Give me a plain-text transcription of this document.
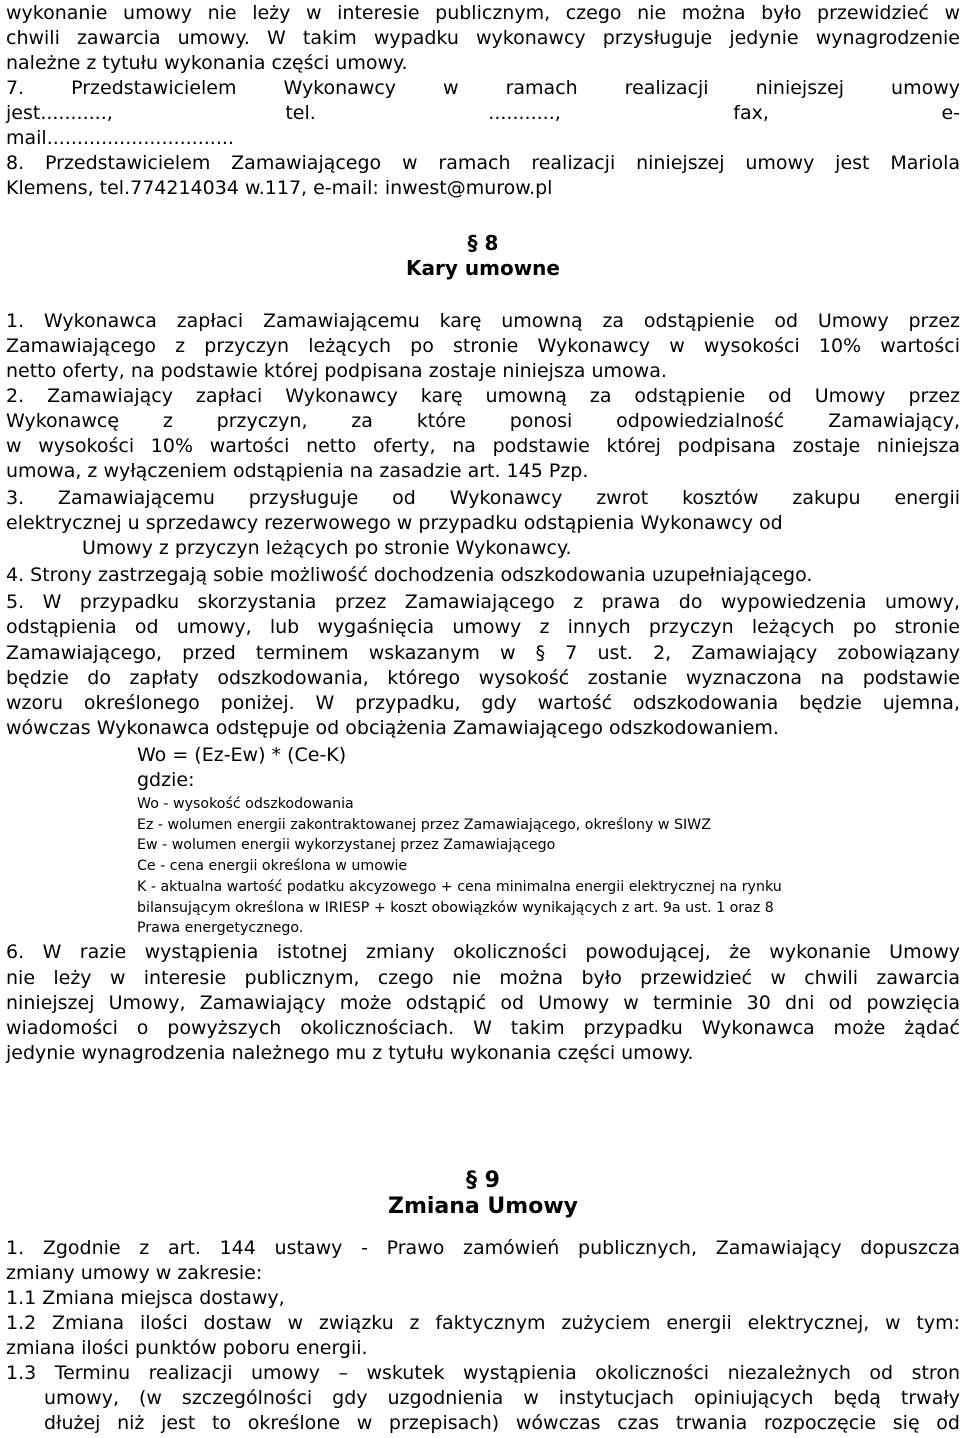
wykonanie umowy nie leży w interesie publicznym, czego nie można było przewidzieć w
chwili zawarcia umowy. W takim wypadku wykonawcy przysługuje jedynie wynagrodzenie
należne z tytułu wykonania części umowy.
7. Przedstawicielem Wykonawcy w ramach realizacji niniejszej umowy
jest..........., tel. ..........., fax, e-
mail...............................
8. Przedstawicielem Zamawiającego w ramach realizacji niniejszej umowy jest Mariola
Klemens, tel.774214034 w.117, e-mail: inwest@murow.pl
§ 8
Kary umowne
1. Wykonawca zapłaci Zamawiającemu karę umowną za odstąpienie od Umowy przez
Zamawiającego z przyczyn leżących po stronie Wykonawcy w wysokości 10% wartości
netto oferty, na podstawie której podpisana zostaje niniejsza umowa.
2. Zamawiający zapłaci Wykonawcy karę umowną za odstąpienie od Umowy przez
Wykonawcę z przyczyn, za które ponosi odpowiedzialność Zamawiający,
w wysokości 10% wartości netto oferty, na podstawie której podpisana zostaje niniejsza
umowa, z wyłączeniem odstąpienia na zasadzie art. 145 Pzp.
3. Zamawiającemu przysługuje od Wykonawcy zwrot kosztów zakupu energii
elektrycznej u sprzedawcy rezerwowego w przypadku odstąpienia Wykonawcy od
Umowy z przyczyn leżących po stronie Wykonawcy.
4. Strony zastrzegają sobie możliwość dochodzenia odszkodowania uzupełniającego.
5. W przypadku skorzystania przez Zamawiającego z prawa do wypowiedzenia umowy,
odstąpienia od umowy, lub wygaśnięcia umowy z innych przyczyn leżących po stronie
Zamawiającego, przed terminem wskazanym w § 7 ust. 2, Zamawiający zobowiązany
będzie do zapłaty odszkodowania, którego wysokość zostanie wyznaczona na podstawie
wzoru określonego poniżej. W przypadku, gdy wartość odszkodowania będzie ujemna,
wówczas Wykonawca odstępuje od obciążenia Zamawiającego odszkodowaniem.
Wo = (Ez-Ew) * (Ce-K)
gdzie:
Wo - wysokość odszkodowania
Ez - wolumen energii zakontraktowanej przez Zamawiającego, określony w SIWZ
Ew - wolumen energii wykorzystanej przez Zamawiającego
Ce - cena energii określona w umowie
K - aktualna wartość podatku akcyzowego + cena minimalna energii elektrycznej na rynku
bilansującym określona w IRIESP + koszt obowiązków wynikających z art. 9a ust. 1 oraz 8
Prawa energetycznego.
6. W razie wystąpienia istotnej zmiany okoliczności powodującej, że wykonanie Umowy
nie leży w interesie publicznym, czego nie można było przewidzieć w chwili zawarcia
niniejszej Umowy, Zamawiający może odstąpić od Umowy w terminie 30 dni od powzięcia
wiadomości o powyższych okolicznościach. W takim przypadku Wykonawca może żądać
jedynie wynagrodzenia należnego mu z tytułu wykonania części umowy.
§ 9
Zmiana Umowy
1. Zgodnie z art. 144 ustawy - Prawo zamówień publicznych, Zamawiający dopuszcza
zmiany umowy w zakresie:
1.1 Zmiana miejsca dostawy,
1.2 Zmiana ilości dostaw w związku z faktycznym zużyciem energii elektrycznej, w tym:
zmiana ilości punktów poboru energii.
1.3 Terminu realizacji umowy – wskutek wystąpienia okoliczności niezależnych od stron
umowy, (w szczególności gdy uzgodnienia w instytucjach opiniujących będą trwały
dłużej niż jest to określone w przepisach) wówczas czas trwania rozpoczęcie się od
